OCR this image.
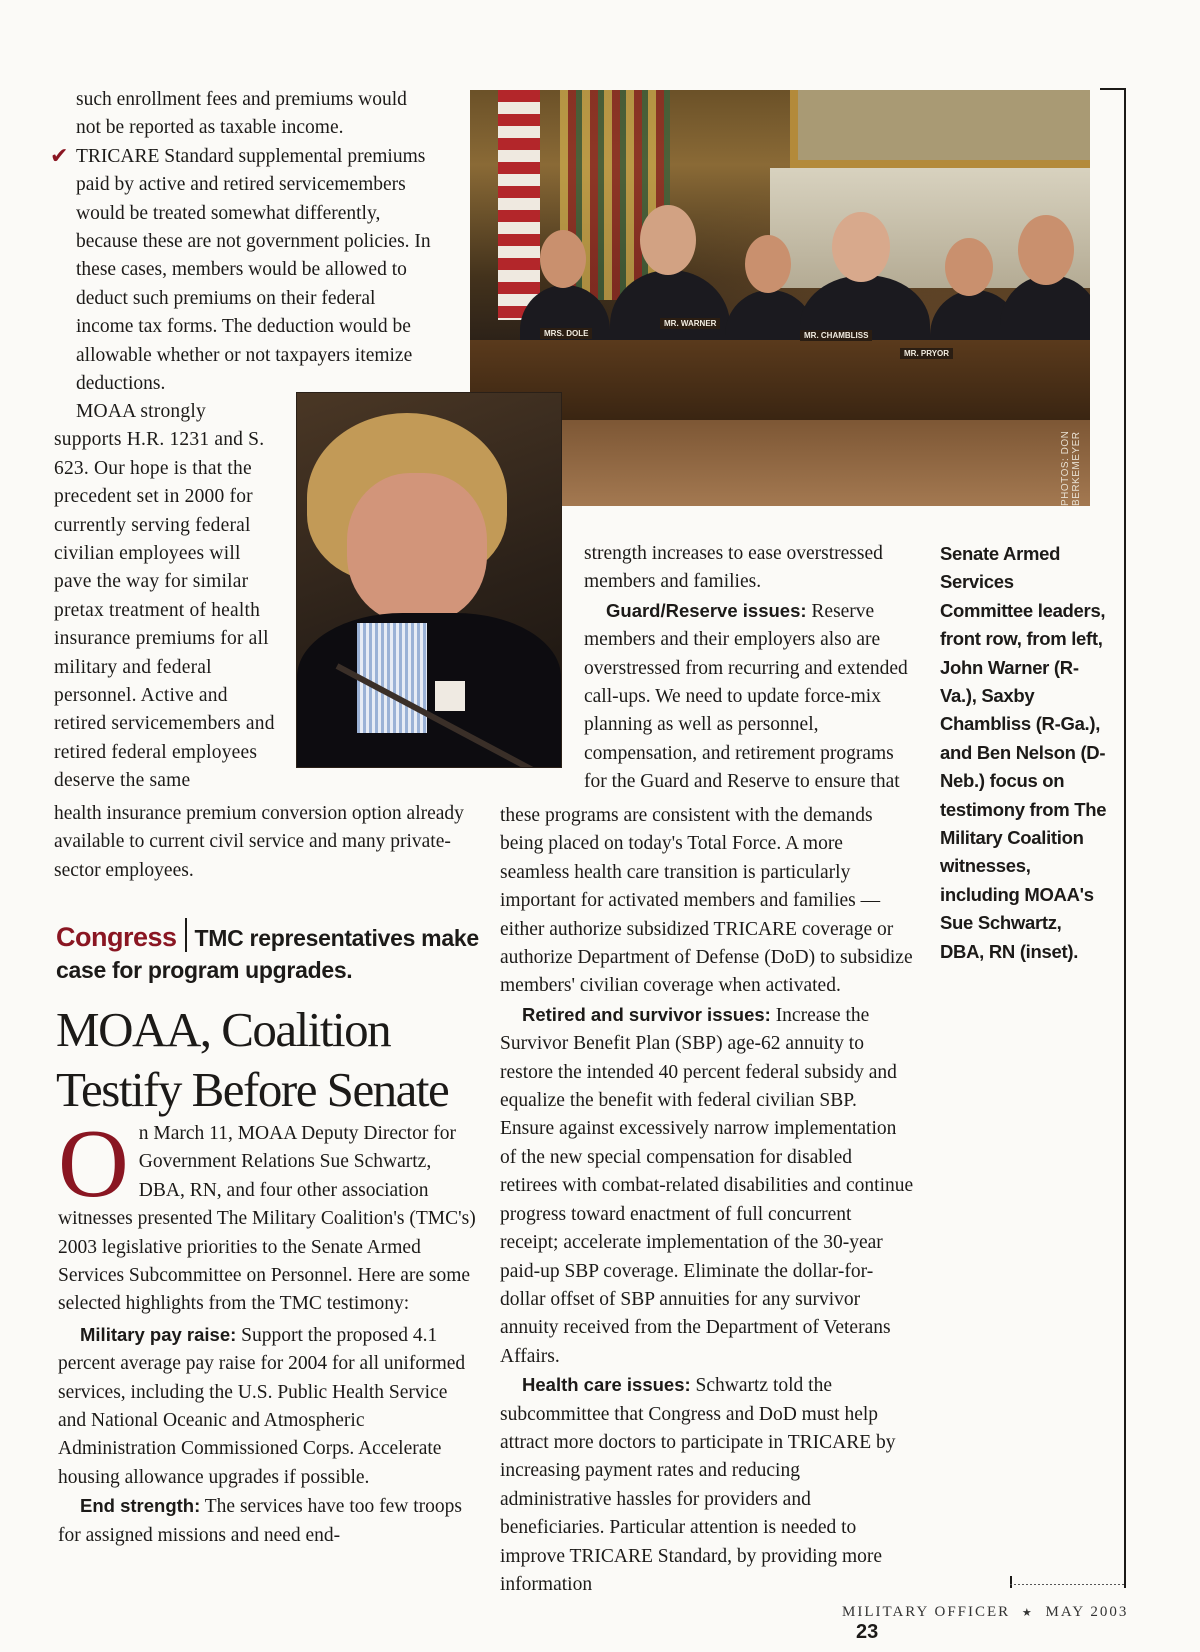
PHOTOS: DON BERKEMEYER
MRS. DOLE
MR. WARNER
MR. CHAMBLISS
MR. PRYOR

such enrollment fees and premiums would not be reported as taxable income.

✔ TRICARE Standard supplemental premiums paid by active and retired servicemembers would be treated somewhat differently, because these are not government policies. In these cases, members would be allowed to deduct such premiums on their federal income tax forms. The deduction would be allowable whether or not taxpayers itemize deductions.

MOAA strongly supports H.R. 1231 and S. 623. Our hope is that the precedent set in 2000 for currently serving federal civilian employees will pave the way for similar pretax treatment of health insurance premiums for all military and federal personnel. Active and retired servicemembers and retired federal employees deserve the same

health insurance premium conversion option already available to current civil service and many private-sector employees.

Congress TMC representatives make case for program upgrades.
MOAA, Coalition Testify Before Senate

On March 11, MOAA Deputy Director for Government Relations Sue Schwartz, DBA, RN, and four other association witnesses presented The Military Coalition's (TMC's) 2003 legislative priorities to the Senate Armed Services Subcommittee on Personnel. Here are some selected highlights from the TMC testimony:

Military pay raise: Support the proposed 4.1 percent average pay raise for 2004 for all uniformed services, including the U.S. Public Health Service and National Oceanic and Atmospheric Administration Commissioned Corps. Accelerate housing allowance upgrades if possible.

End strength: The services have too few troops for assigned missions and need end-

strength increases to ease overstressed members and families.

Guard/Reserve issues: Reserve members and their employers also are overstressed from recurring and extended call-ups. We need to update force-mix planning as well as personnel, compensation, and retirement programs for the Guard and Reserve to ensure that

these programs are consistent with the demands being placed on today's Total Force. A more seamless health care transition is particularly important for activated members and families — either authorize subsidized TRICARE coverage or authorize Department of Defense (DoD) to subsidize members' civilian coverage when activated.

Retired and survivor issues: Increase the Survivor Benefit Plan (SBP) age-62 annuity to restore the intended 40 percent federal subsidy and equalize the benefit with federal civilian SBP. Ensure against excessively narrow implementation of the new special compensation for disabled retirees with combat-related disabilities and continue progress toward enactment of full concurrent receipt; accelerate implementation of the 30-year paid-up SBP coverage. Eliminate the dollar-for-dollar offset of SBP annuities for any survivor annuity received from the Department of Veterans Affairs.

Health care issues: Schwartz told the subcommittee that Congress and DoD must help attract more doctors to participate in TRICARE by increasing payment rates and reducing administrative hassles for providers and beneficiaries. Particular attention is needed to improve TRICARE Standard, by providing more information

Senate Armed Services Committee leaders, front row, from left, John Warner (R-Va.), Saxby Chambliss (R-Ga.), and Ben Nelson (D-Neb.) focus on testimony from The Military Coalition witnesses, including MOAA's Sue Schwartz, DBA, RN (inset).
MILITARY OFFICER ★ MAY 2003 23
